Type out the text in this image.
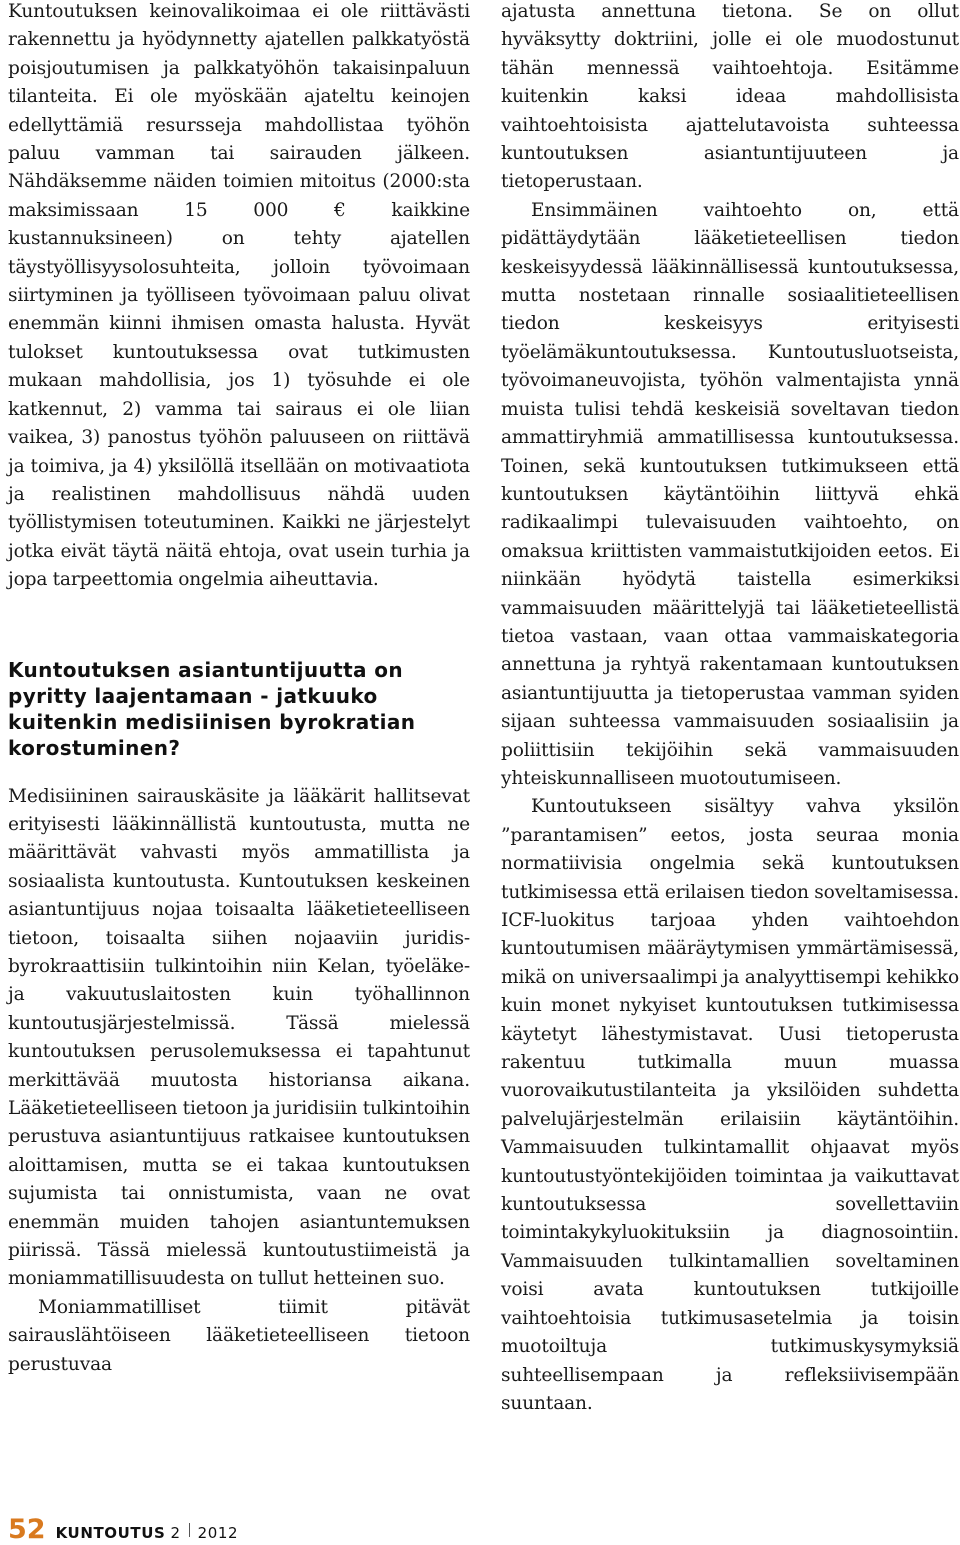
Kuntoutuksen keinovalikoimaa ei ole riittävästi rakennettu ja hyödynnetty ajatellen palkkatyöstä poisjoutumisen ja palkkatyöhön takaisinpaluun tilanteita. Ei ole myöskään ajateltu keinojen edellyttämiä resursseja mahdollistaa työhön paluu vamman tai sairauden jälkeen. Nähdäksemme näiden toimien mitoitus (2000:sta maksimissaan 15 000 € kaikkine kustannuksineen) on tehty ajatellen täystyöllisyysolosuhteita, jolloin työvoimaan siirtyminen ja työlliseen työvoimaan paluu olivat enemmän kiinni ihmisen omasta halusta. Hyvät tulokset kuntoutuksessa ovat tutkimusten mukaan mahdollisia, jos 1) työsuhde ei ole katkennut, 2) vamma tai sairaus ei ole liian vaikea, 3) panostus työhön paluuseen on riittävä ja toimiva, ja 4) yksilöllä itsellään on motivaatiota ja realistinen mahdollisuus nähdä uuden työllistymisen toteutuminen. Kaikki ne järjestelyt jotka eivät täytä näitä ehtoja, ovat usein turhia ja jopa tarpeettomia ongelmia aiheuttavia.

Kuntoutuksen asiantuntijuutta on pyritty laajentamaan - jatkuuko kuitenkin medisiinisen byrokratian korostuminen?

Medisiininen sairauskäsite ja lääkärit hallitsevat erityisesti lääkinnällistä kuntoutusta, mutta ne määrittävät vahvasti myös ammatillista ja sosiaalista kuntoutusta. Kuntoutuksen keskeinen asiantuntijuus nojaa toisaalta lääketieteelliseen tietoon, toisaalta siihen nojaaviin juridis-byrokraattisiin tulkintoihin niin Kelan, työeläke- ja vakuutuslaitosten kuin työhallinnon kuntoutusjärjestelmissä. Tässä mielessä kuntoutuksen perusolemuksessa ei tapahtunut merkittävää muutosta historiansa aikana. Lääketieteelliseen tietoon ja juridisiin tulkintoihin perustuva asiantuntijuus ratkaisee kuntoutuksen aloittamisen, mutta se ei takaa kuntoutuksen sujumista tai onnistumista, vaan ne ovat enemmän muiden tahojen asiantuntemuksen piirissä. Tässä mielessä kuntoutustiimeistä ja moniammatillisuudesta on tullut hetteinen suo.

Moniammatilliset tiimit pitävät sairauslähtöiseen lääketieteelliseen tietoon perustuvaa

ajatusta annettuna tietona. Se on ollut hyväksytty doktriini, jolle ei ole muodostunut tähän mennessä vaihtoehtoja. Esitämme kuitenkin kaksi ideaa mahdollisista vaihtoehtoisista ajattelutavoista suhteessa kuntoutuksen asiantuntijuuteen ja tietoperustaan.

Ensimmäinen vaihtoehto on, että pidättäydytään lääketieteellisen tiedon keskeisyydessä lääkinnällisessä kuntoutuksessa, mutta nostetaan rinnalle sosiaalitieteellisen tiedon keskeisyys erityisesti työelämäkuntoutuksessa. Kuntoutusluotseista, työvoimaneuvojista, työhön valmentajista ynnä muista tulisi tehdä keskeisiä soveltavan tiedon ammattiryhmiä ammatillisessa kuntoutuksessa. Toinen, sekä kuntoutuksen tutkimukseen että kuntoutuksen käytäntöihin liittyvä ehkä radikaalimpi tulevaisuuden vaihtoehto, on omaksua kriittisten vammaistutkijoiden eetos. Ei niinkään hyödytä taistella esimerkiksi vammaisuuden määrittelyjä tai lääketieteellistä tietoa vastaan, vaan ottaa vammaiskategoria annettuna ja ryhtyä rakentamaan kuntoutuksen asiantuntijuutta ja tietoperustaa vamman syiden sijaan suhteessa vammaisuuden sosiaalisiin ja poliittisiin tekijöihin sekä vammaisuuden yhteiskunnalliseen muotoutumiseen.

Kuntoutukseen sisältyy vahva yksilön ”parantamisen” eetos, josta seuraa monia normatiivisia ongelmia sekä kuntoutuksen tutkimisessa että erilaisen tiedon soveltamisessa. ICF-luokitus tarjoaa yhden vaihtoehdon kuntoutumisen määräytymisen ymmärtämisessä, mikä on universaalimpi ja analyyttisempi kehikko kuin monet nykyiset kuntoutuksen tutkimisessa käytetyt lähestymistavat. Uusi tietoperusta rakentuu tutkimalla muun muassa vuorovaikutustilanteita ja yksilöiden suhdetta palvelujärjestelmän erilaisiin käytäntöihin. Vammaisuuden tulkintamallit ohjaavat myös kuntoutustyöntekijöiden toimintaa ja vaikuttavat kuntoutuksessa sovellettaviin toimintakykyluokituksiin ja diagnosointiin. Vammaisuuden tulkintamallien soveltaminen voisi avata kuntoutuksen tutkijoille vaihtoehtoisia tutkimusasetelmia ja toisin muotoiltuja tutkimuskysymyksiä suhteellisempaan ja refleksiivisempään suuntaan.

52 KUNTOUTUS 2 2012
